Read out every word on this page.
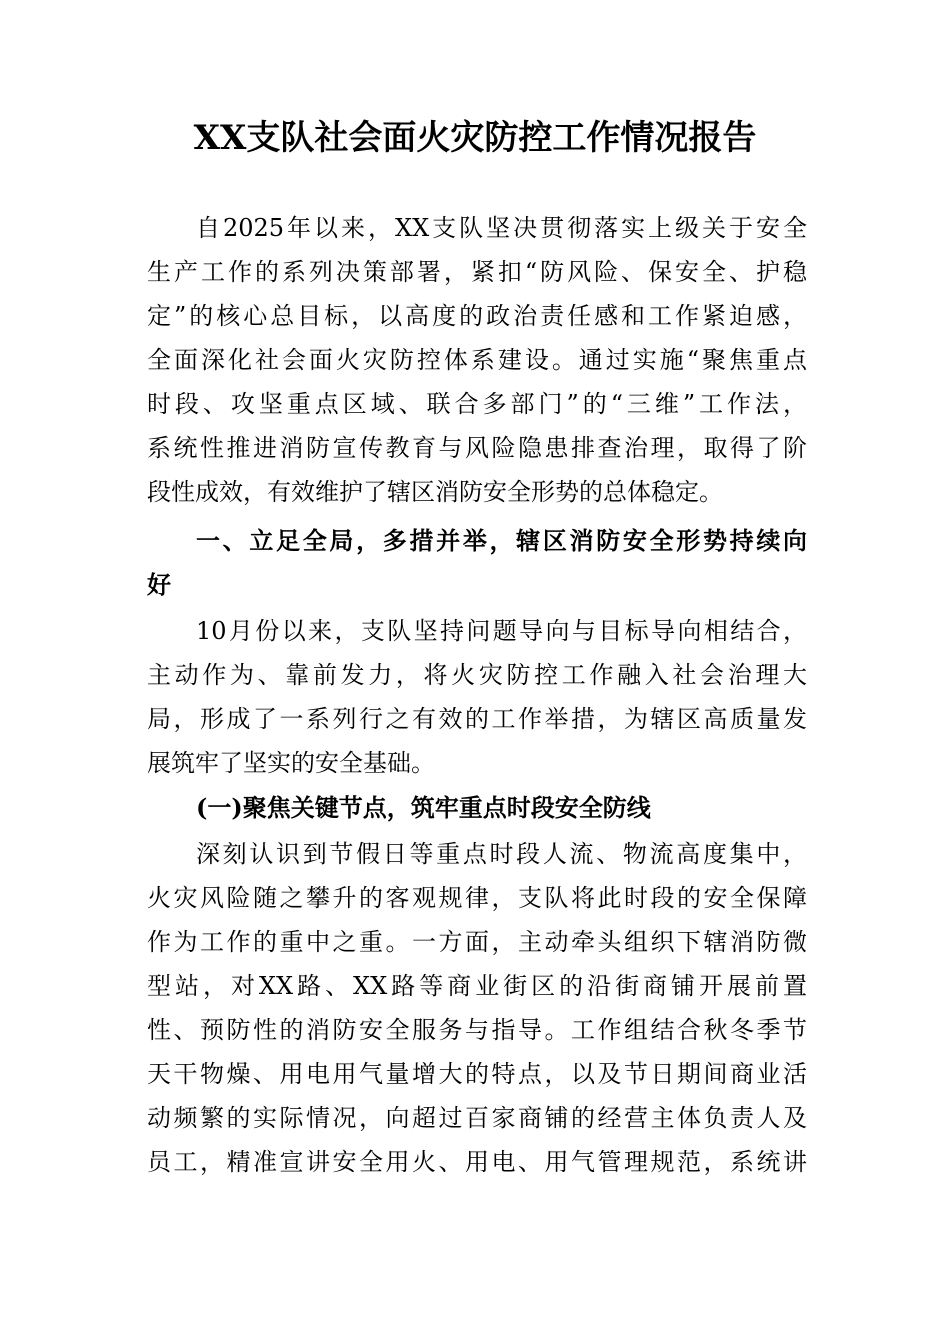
XX支队社会面火灾防控工作情况报告
自2025年以来，XX支队坚决贯彻落实上级关于安全
生产工作的系列决策部署，紧扣“防风险、保安全、护稳
定”的核心总目标，以高度的政治责任感和工作紧迫感，
全面深化社会面火灾防控体系建设。通过实施“聚焦重点
时段、攻坚重点区域、联合多部门”的“三维”工作法，
系统性推进消防宣传教育与风险隐患排查治理，取得了阶
段性成效，有效维护了辖区消防安全形势的总体稳定。
一、立足全局，多措并举，辖区消防安全形势持续向
好
10月份以来，支队坚持问题导向与目标导向相结合，
主动作为、靠前发力，将火灾防控工作融入社会治理大
局，形成了一系列行之有效的工作举措，为辖区高质量发
展筑牢了坚实的安全基础。
(一)聚焦关键节点，筑牢重点时段安全防线
深刻认识到节假日等重点时段人流、物流高度集中，
火灾风险随之攀升的客观规律，支队将此时段的安全保障
作为工作的重中之重。一方面，主动牵头组织下辖消防微
型站，对XX路、XX路等商业街区的沿街商铺开展前置
性、预防性的消防安全服务与指导。工作组结合秋冬季节
天干物燥、用电用气量增大的特点，以及节日期间商业活
动频繁的实际情况，向超过百家商铺的经营主体负责人及
员工，精准宣讲安全用火、用电、用气管理规范，系统讲
